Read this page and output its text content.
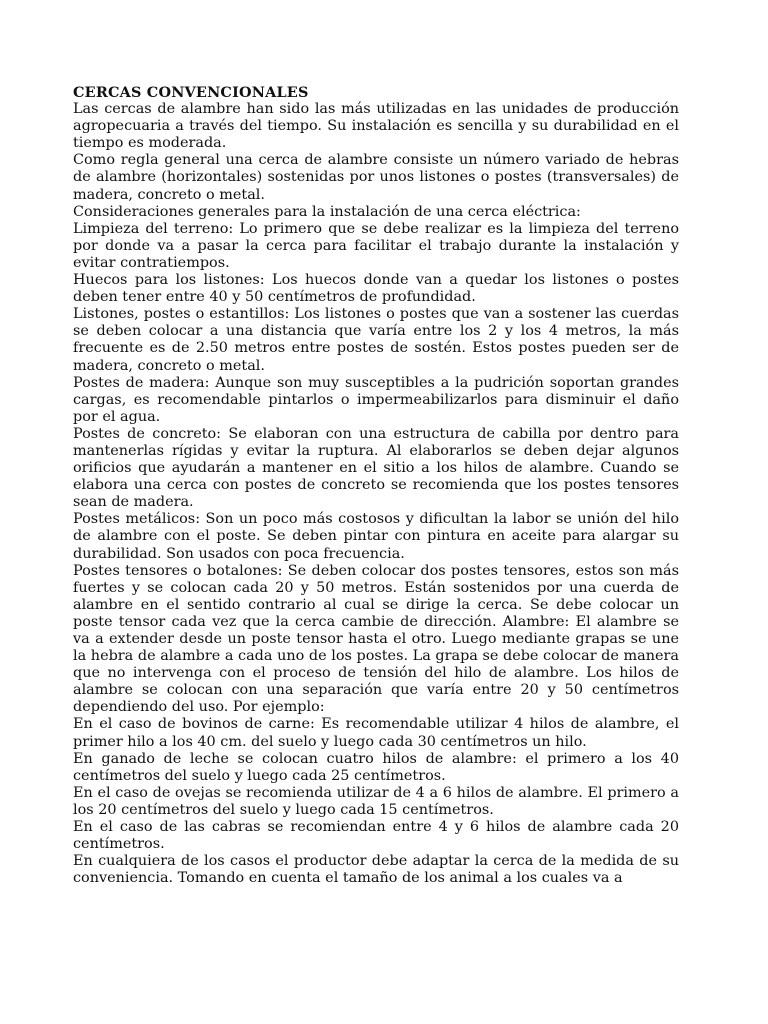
CERCAS CONVENCIONALES

Las cercas de alambre han sido las más utilizadas en las unidades de producción agropecuaria a través del tiempo. Su instalación es sencilla y su durabilidad en el tiempo es moderada.

Como regla general una cerca de alambre consiste un número variado de hebras de alambre (horizontales) sostenidas por unos listones o postes (transversales) de madera, concreto o metal.

Consideraciones generales para la instalación de una cerca eléctrica:

Limpieza del terreno: Lo primero que se debe realizar es la limpieza del terreno por donde va a pasar la cerca para facilitar el trabajo durante la instalación y evitar contratiempos.

Huecos para los listones: Los huecos donde van a quedar los listones o postes deben tener entre 40 y 50 centímetros de profundidad.

Listones, postes o estantillos: Los listones o postes que van a sostener las cuerdas se deben colocar a una distancia que varía entre los 2 y los 4 metros, la más frecuente es de 2.50 metros entre postes de sostén. Estos postes pueden ser de madera, concreto o metal.

Postes de madera: Aunque son muy susceptibles a la pudrición soportan grandes cargas, es recomendable pintarlos o impermeabilizarlos para disminuir el daño por el agua.

Postes de concreto: Se elaboran con una estructura de cabilla por dentro para mantenerlas rígidas y evitar la ruptura. Al elaborarlos se deben dejar algunos orificios que ayudarán a mantener en el sitio a los hilos de alambre. Cuando se elabora una cerca con postes de concreto se recomienda que los postes tensores sean de madera.

Postes metálicos: Son un poco más costosos y dificultan la labor se unión del hilo de alambre con el poste. Se deben pintar con pintura en aceite para alargar su durabilidad. Son usados con poca frecuencia.

Postes tensores o botalones: Se deben colocar dos postes tensores, estos son más fuertes y se colocan cada 20 y 50 metros. Están sostenidos por una cuerda de alambre en el sentido contrario al cual se dirige la cerca. Se debe colocar un poste tensor cada vez que la cerca cambie de dirección. Alambre: El alambre se va a extender desde un poste tensor hasta el otro. Luego mediante grapas se une la hebra de alambre a cada uno de los postes. La grapa se debe colocar de manera que no intervenga con el proceso de tensión del hilo de alambre. Los hilos de alambre se colocan con una separación que varía entre 20 y 50 centímetros dependiendo del uso. Por ejemplo:

En el caso de bovinos de carne: Es recomendable utilizar 4 hilos de alambre, el primer hilo a los 40 cm. del suelo y luego cada 30 centímetros un hilo.

En ganado de leche se colocan cuatro hilos de alambre: el primero a los 40 centímetros del suelo y luego cada 25 centímetros.

En el caso de ovejas se recomienda utilizar de 4 a 6 hilos de alambre. El primero a los 20 centímetros del suelo y luego cada 15 centímetros.

En el caso de las cabras se recomiendan entre 4 y 6 hilos de alambre cada 20 centímetros.

En cualquiera de los casos el productor debe adaptar la cerca de la medida de su conveniencia. Tomando en cuenta el tamaño de los animal a los cuales va a
